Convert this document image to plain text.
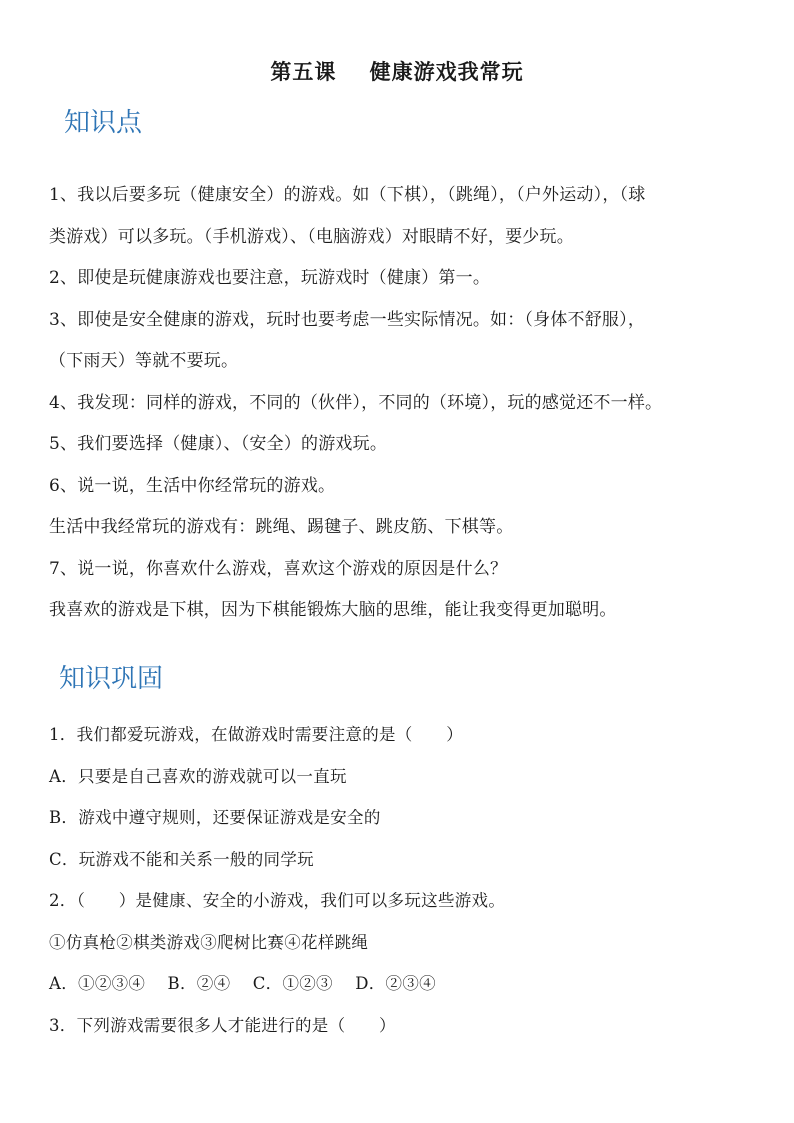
第五课    健康游戏我常玩
知识点
1、我以后要多玩（健康安全）的游戏。如（下棋），（跳绳），（户外运动），（球
类游戏）可以多玩。（手机游戏）、（电脑游戏）对眼睛不好，要少玩。
2、即使是玩健康游戏也要注意，玩游戏时（健康）第一。
3、即使是安全健康的游戏，玩时也要考虑一些实际情况。如：（身体不舒服），
（下雨天）等就不要玩。
4、我发现：同样的游戏，不同的（伙伴），不同的（环境），玩的感觉还不一样。
5、我们要选择（健康）、（安全）的游戏玩。
6、说一说，生活中你经常玩的游戏。
生活中我经常玩的游戏有：跳绳、踢毽子、跳皮筋、下棋等。
7、说一说，你喜欢什么游戏，喜欢这个游戏的原因是什么？
我喜欢的游戏是下棋，因为下棋能锻炼大脑的思维，能让我变得更加聪明。
知识巩固
1．我们都爱玩游戏，在做游戏时需要注意的是（　　）
A．只要是自己喜欢的游戏就可以一直玩
B．游戏中遵守规则，还要保证游戏是安全的
C．玩游戏不能和关系一般的同学玩
2．（　　）是健康、安全的小游戏，我们可以多玩这些游戏。
①仿真枪②棋类游戏③爬树比赛④花样跳绳
A．①②③④　 B．②④　 C．①②③　 D．②③④
3．下列游戏需要很多人才能进行的是（　　）
